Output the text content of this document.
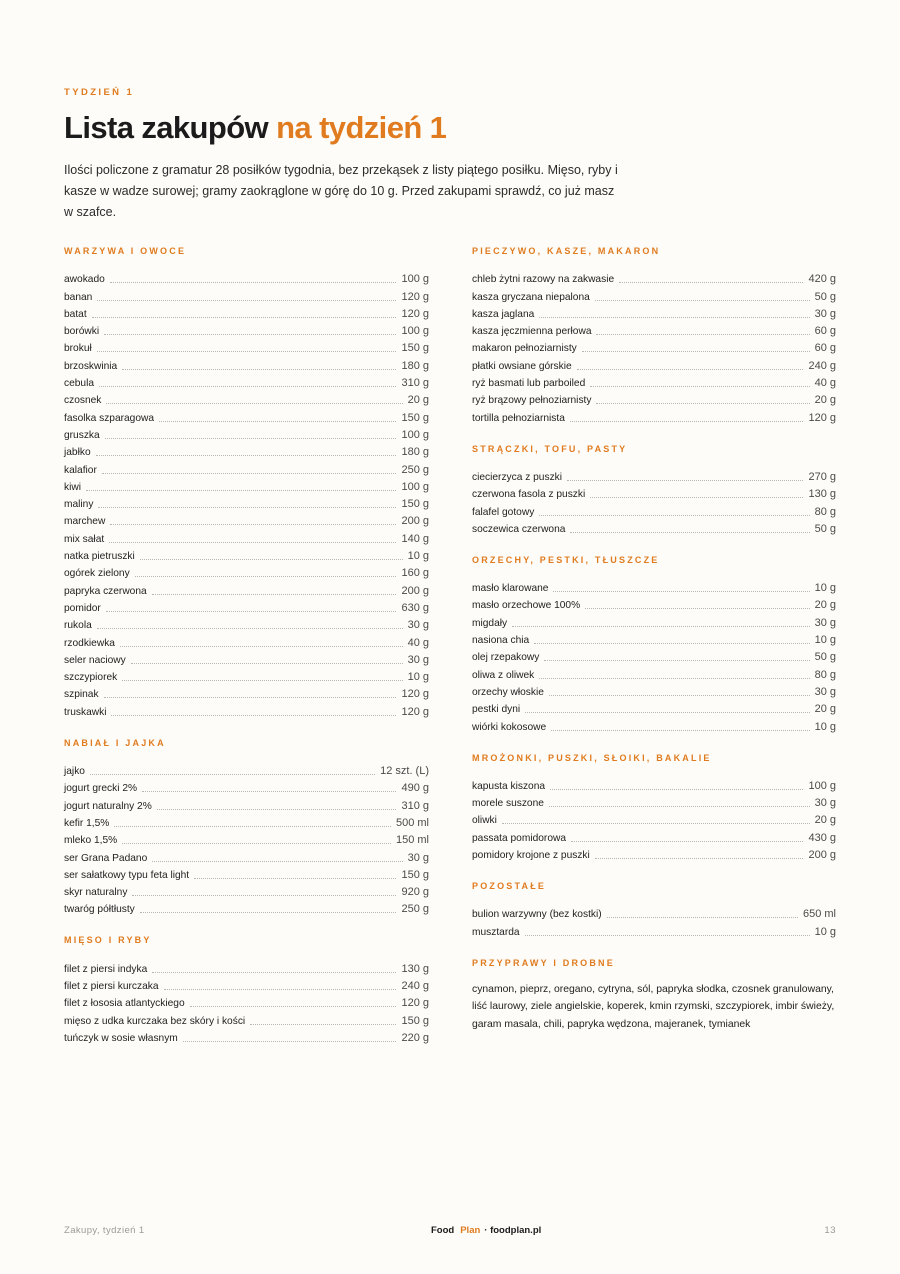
TYDZIEŃ 1
Lista zakupów na tydzień 1

Ilości policzone z gramatur 28 posiłków tygodnia, bez przekąsek z listy piątego posiłku. Mięso, ryby i kasze w wadze surowej; gramy zaokrąglone w górę do 10 g. Przed zakupami sprawdź, co już masz w szafce.

WARZYWA I OWOCE
awokado	100 g
banan	120 g
batat	120 g
borówki	100 g
brokuł	150 g
brzoskwinia	180 g
cebula	310 g
czosnek	20 g
fasolka szparagowa	150 g
gruszka	100 g
jabłko	180 g
kalafior	250 g
kiwi	100 g
maliny	150 g
marchew	200 g
mix sałat	140 g
natka pietruszki	10 g
ogórek zielony	160 g
papryka czerwona	200 g
pomidor	630 g
rukola	30 g
rzodkiewka	40 g
seler naciowy	30 g
szczypiorek	10 g
szpinak	120 g
truskawki	120 g
NABIAŁ I JAJKA
jajko	12 szt. (L)
jogurt grecki 2%	490 g
jogurt naturalny 2%	310 g
kefir 1,5%	500 ml
mleko 1,5%	150 ml
ser Grana Padano	30 g
ser sałatkowy typu feta light	150 g
skyr naturalny	920 g
twaróg półtłusty	250 g
MIĘSO I RYBY
filet z piersi indyka	130 g
filet z piersi kurczaka	240 g
filet z łososia atlantyckiego	120 g
mięso z udka kurczaka bez skóry i kości	150 g
tuńczyk w sosie własnym	220 g
PIECZYWO, KASZE, MAKARON
chleb żytni razowy na zakwasie	420 g
kasza gryczana niepalona	50 g
kasza jaglana	30 g
kasza jęczmienna perłowa	60 g
makaron pełnoziarnisty	60 g
płatki owsiane górskie	240 g
ryż basmati lub parboiled	40 g
ryż brązowy pełnoziarnisty	20 g
tortilla pełnoziarnista	120 g
STRĄCZKI, TOFU, PASTY
ciecierzyca z puszki	270 g
czerwona fasola z puszki	130 g
falafel gotowy	80 g
soczewica czerwona	50 g
ORZECHY, PESTKI, TŁUSZCZE
masło klarowane	10 g
masło orzechowe 100%	20 g
migdały	30 g
nasiona chia	10 g
olej rzepakowy	50 g
oliwa z oliwek	80 g
orzechy włoskie	30 g
pestki dyni	20 g
wiórki kokosowe	10 g
MROŻONKI, PUSZKI, SŁOIKI, BAKALIE
kapusta kiszona	100 g
morele suszone	30 g
oliwki	20 g
passata pomidorowa	430 g
pomidory krojone z puszki	200 g
POZOSTAŁE
bulion warzywny (bez kostki)	650 ml
musztarda	10 g
PRZYPRAWY I DROBNE

cynamon, pieprz, oregano, cytryna, sól, papryka słodka, czosnek granulowany, liść laurowy, ziele angielskie, koperek, kmin rzymski, szczypiorek, imbir świeży, garam masala, chili, papryka wędzona, majeranek, tymianek

Zakupy, tydzień 1	Food Plan · foodplan.pl	13
